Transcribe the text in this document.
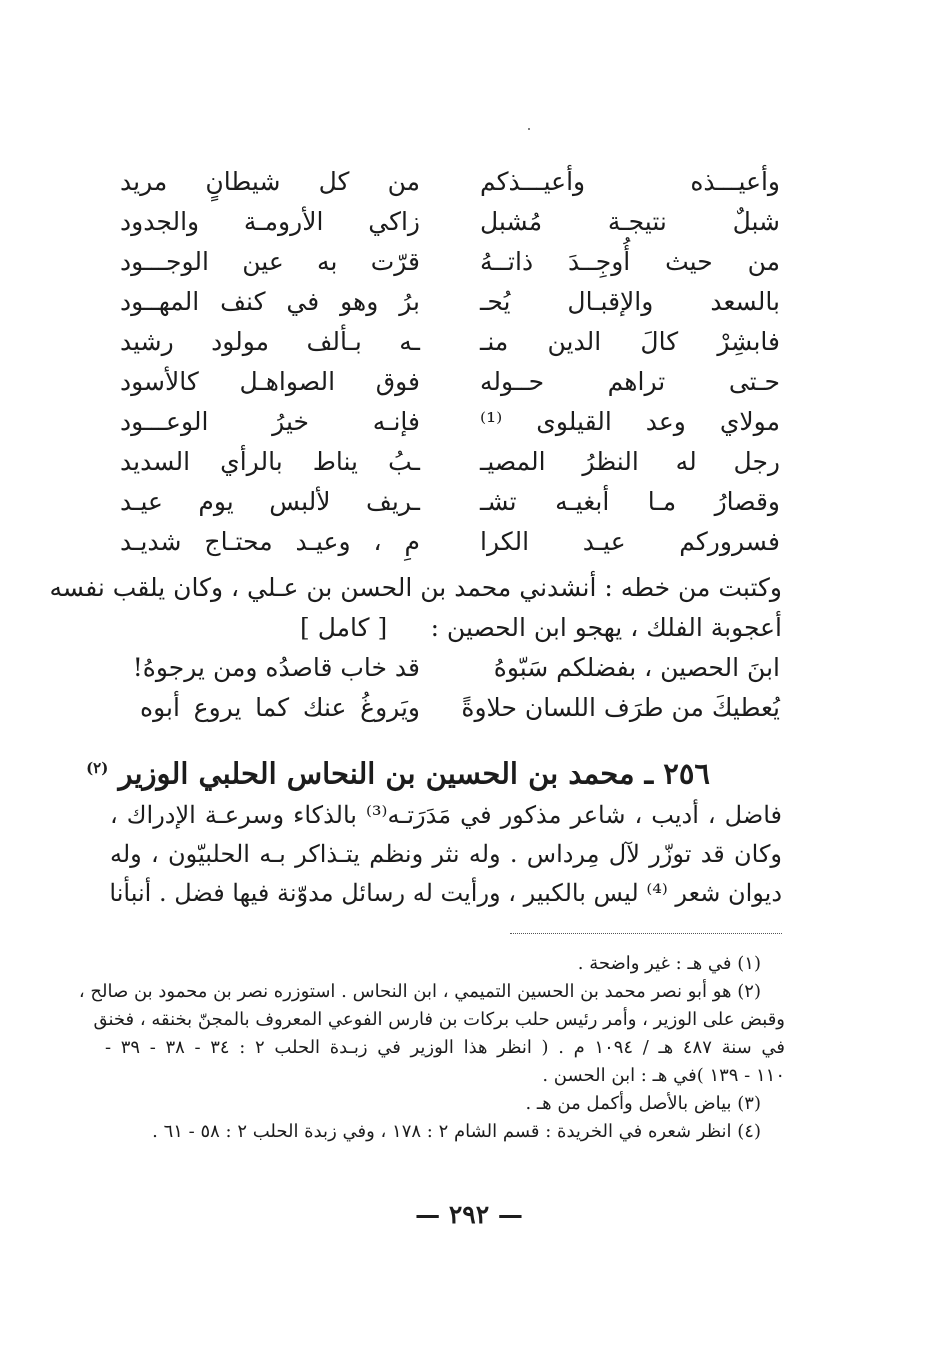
وأعيـــذه وأعيـــذكم
من كل شيطانٍ مريد
شبلٌ نتيجـة مُشبل
زاكي الأرومـة والجدود
من حيث أُوجِــدَ ذاتــهُ
قرّت به عين الوجـــود
بالسعد والإقبـال يُحـ
برُ وهو في كنف المهــود
فابشِرْ كالَ الدين منـ
ـه بـألف مولود رشيد
حـتى تراهم حــوله
فوق الصواهـل كالأسود
مولاي وعد القيلوى ⁽¹⁾
فإنـه خيرُ الوعـــود
رجل له النظرُ المصيـ
ـبُ يناط بالرأي السديد
وقصارُ مـا أبغيـه تشـ
ـريف لألبس يوم عيـد
فسروركم عيـد الكرا
مِ ، وعيـد محتـاج شديـد
وكتبت من خطه : أنشدني محمد بن الحسن بن عـلي ، وكان يلقب نفسه
أعجوبة الفلك ، يهجو ابن الحصين :
[ كامل ]
ابنَ الحصين ، بفضلكم سَبّوهُ
قد خاب قاصدُه ومن يرجوهُ!
يُعطيكَ من طرَف اللسان حلاوةً
ويَروغُ عنك كما يروع أبوه
٢٥٦ ـ محمد بن الحسين بن النحاس الحلبي الوزير $^{(٢)}$
فاضل ، أديب ، شاعر مذكور في مَدَرَتـه⁽³⁾ بالذكاء وسرعـة الإدراك ،
وكان قد توزّر لآل مِرداس . وله نثر ونظم يتـذاكر بـه الحلبيّون ، وله
ديوان شعر ⁽⁴⁾ ليس بالكبير ، ورأيت له رسائل مدوّنة فيها فضل . أنبأنا
(١) في هـ : غير واضحة .
(٢) هو أبو نصر محمد بن الحسين التميمي ، ابن النحاس . استوزره نصر بن محمود بن صالح ،
وقبض على الوزير ، وأمر رئيس حلب بركات بن فارس الفوعي المعروف بالمجنّ بخنقه ، فخنق
في سنة ٤٨٧ هـ / ١٠٩٤ م . ( انظر هذا الوزير في زبـدة الحلب ٢ : ٣٤ - ٣٨ - ٣٩ -
١١٠ - ١٣٩ )في هـ : ابن الحسن .
(٣) بياض بالأصل وأكمل من هـ .
(٤) انظر شعره في الخريدة : قسم الشام ٢ : ١٧٨ ، وفي زبدة الحلب ٢ : ٥٨ - ٦١ .
— ٢٩٢ —
